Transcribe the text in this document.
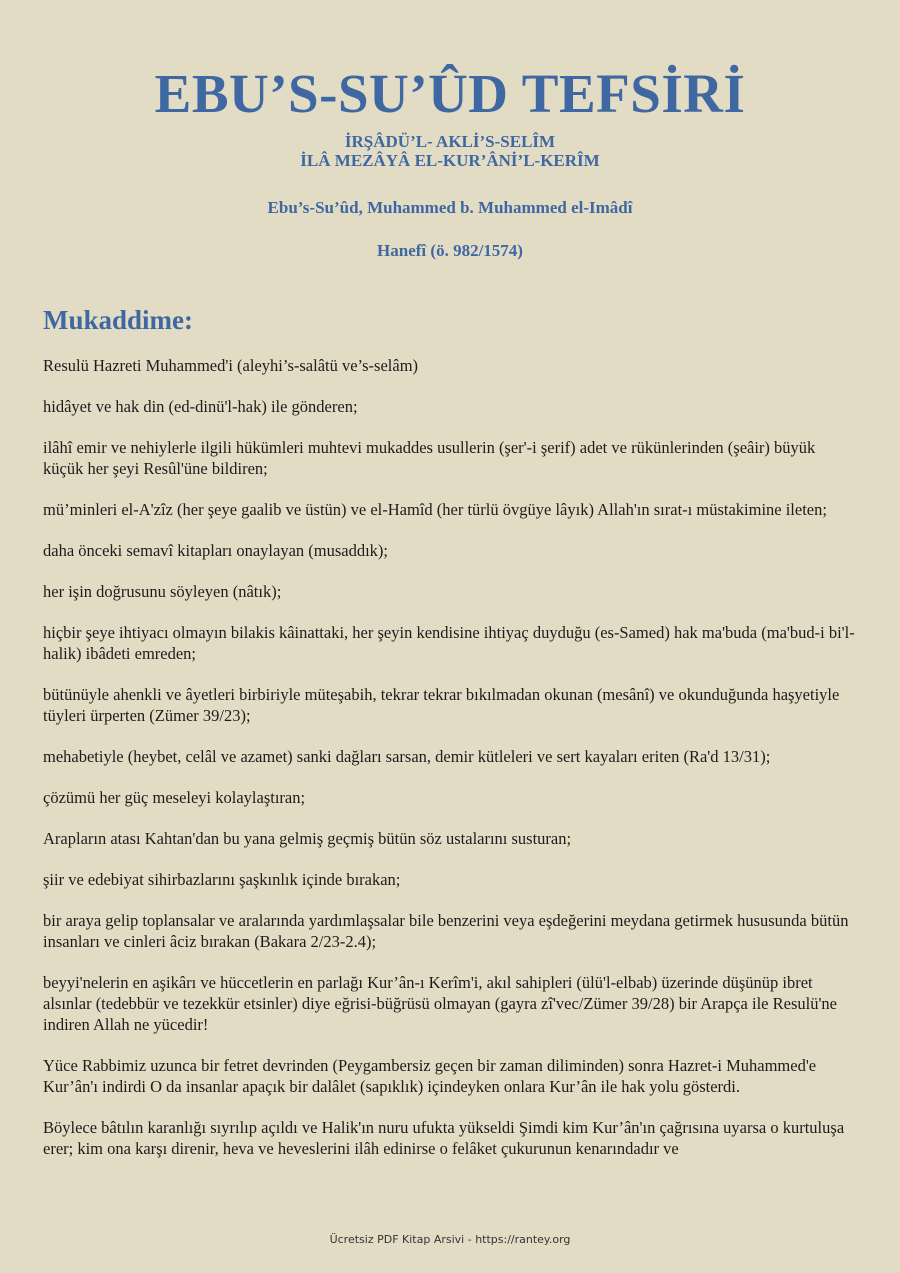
EBU’S-SU’ÛD TEFSİRİ
İRŞÂDÜ’L- AKLİ’S-SELÎM
İLÂ MEZÂYÂ EL-KUR’ÂNİ’L-KERÎM
Ebu’s-Su’ûd, Muhammed b. Muhammed el-Imâdî
Hanefî (ö. 982/1574)
Mukaddime:

Resulü Hazreti Muhammed'i (aleyhi’s-salâtü ve’s-selâm)

hidâyet ve hak din (ed-dinü'l-hak) ile gönderen;

ilâhî emir ve nehiylerle ilgili hükümleri muhtevi mukaddes usullerin (şer'-i şerif) adet ve rükünlerinden (şeâir) büyük küçük her şeyi Resûl'üne bildiren;

mü’minleri el-A'zîz (her şeye gaalib ve üstün) ve el-Hamîd (her türlü övgüye lâyık) Allah'ın sırat-ı müstakimine ileten;

daha önceki semavî kitapları onaylayan (musaddık);

her işin doğrusunu söyleyen (nâtık);

hiçbir şeye ihtiyacı olmayın bilakis kâinattaki, her şeyin kendisine ihtiyaç duyduğu (es-Samed) hak ma'buda (ma'bud-i bi'l-halik) ibâdeti emreden;

bütünüyle ahenkli ve âyetleri birbiriyle müteşabih, tekrar tekrar bıkılmadan okunan (mesânî) ve okunduğunda haşyetiyle tüyleri ürperten (Zümer 39/23);

mehabetiyle (heybet, celâl ve azamet) sanki dağları sarsan, demir kütleleri ve sert kayaları eriten (Ra'd 13/31);

çözümü her güç meseleyi kolaylaştıran;

Arapların atası Kahtan'dan bu yana gelmiş geçmiş bütün söz ustalarını susturan;

şiir ve edebiyat sihirbazlarını şaşkınlık içinde bırakan;

bir araya gelip toplansalar ve aralarında yardımlaşsalar bile benzerini veya eşdeğerini meydana getirmek hususunda bütün insanları ve cinleri âciz bırakan (Bakara 2/23-2.4);

beyyi'nelerin en aşikârı ve hüccetlerin en parlağı Kur’ân-ı Kerîm'i, akıl sahipleri (ülü'l-elbab) üzerinde düşünüp ibret alsınlar (tedebbür ve tezekkür etsinler) diye eğrisi-büğrüsü olmayan (gayra zî'vec/Zümer 39/28) bir Arapça ile Resulü'ne indiren Allah ne yücedir!

Yüce Rabbimiz uzunca bir fetret devrinden (Peygambersiz geçen bir zaman diliminden) sonra Hazret-i Muhammed'e Kur’ân'ı indirdi O da insanlar apaçık bir dalâlet (sapıklık) içindeyken onlara Kur’ân ile hak yolu gösterdi.

Böylece bâtılın karanlığı sıyrılıp açıldı ve Halik'ın nuru ufukta yükseldi Şimdi kim Kur’ân'ın çağrısına uyarsa o kurtuluşa erer; kim ona karşı direnir, heva ve heveslerini ilâh edinirse o felâket çukurunun kenarındadır ve

Ücretsiz PDF Kitap Arsivi - https://rantey.org
